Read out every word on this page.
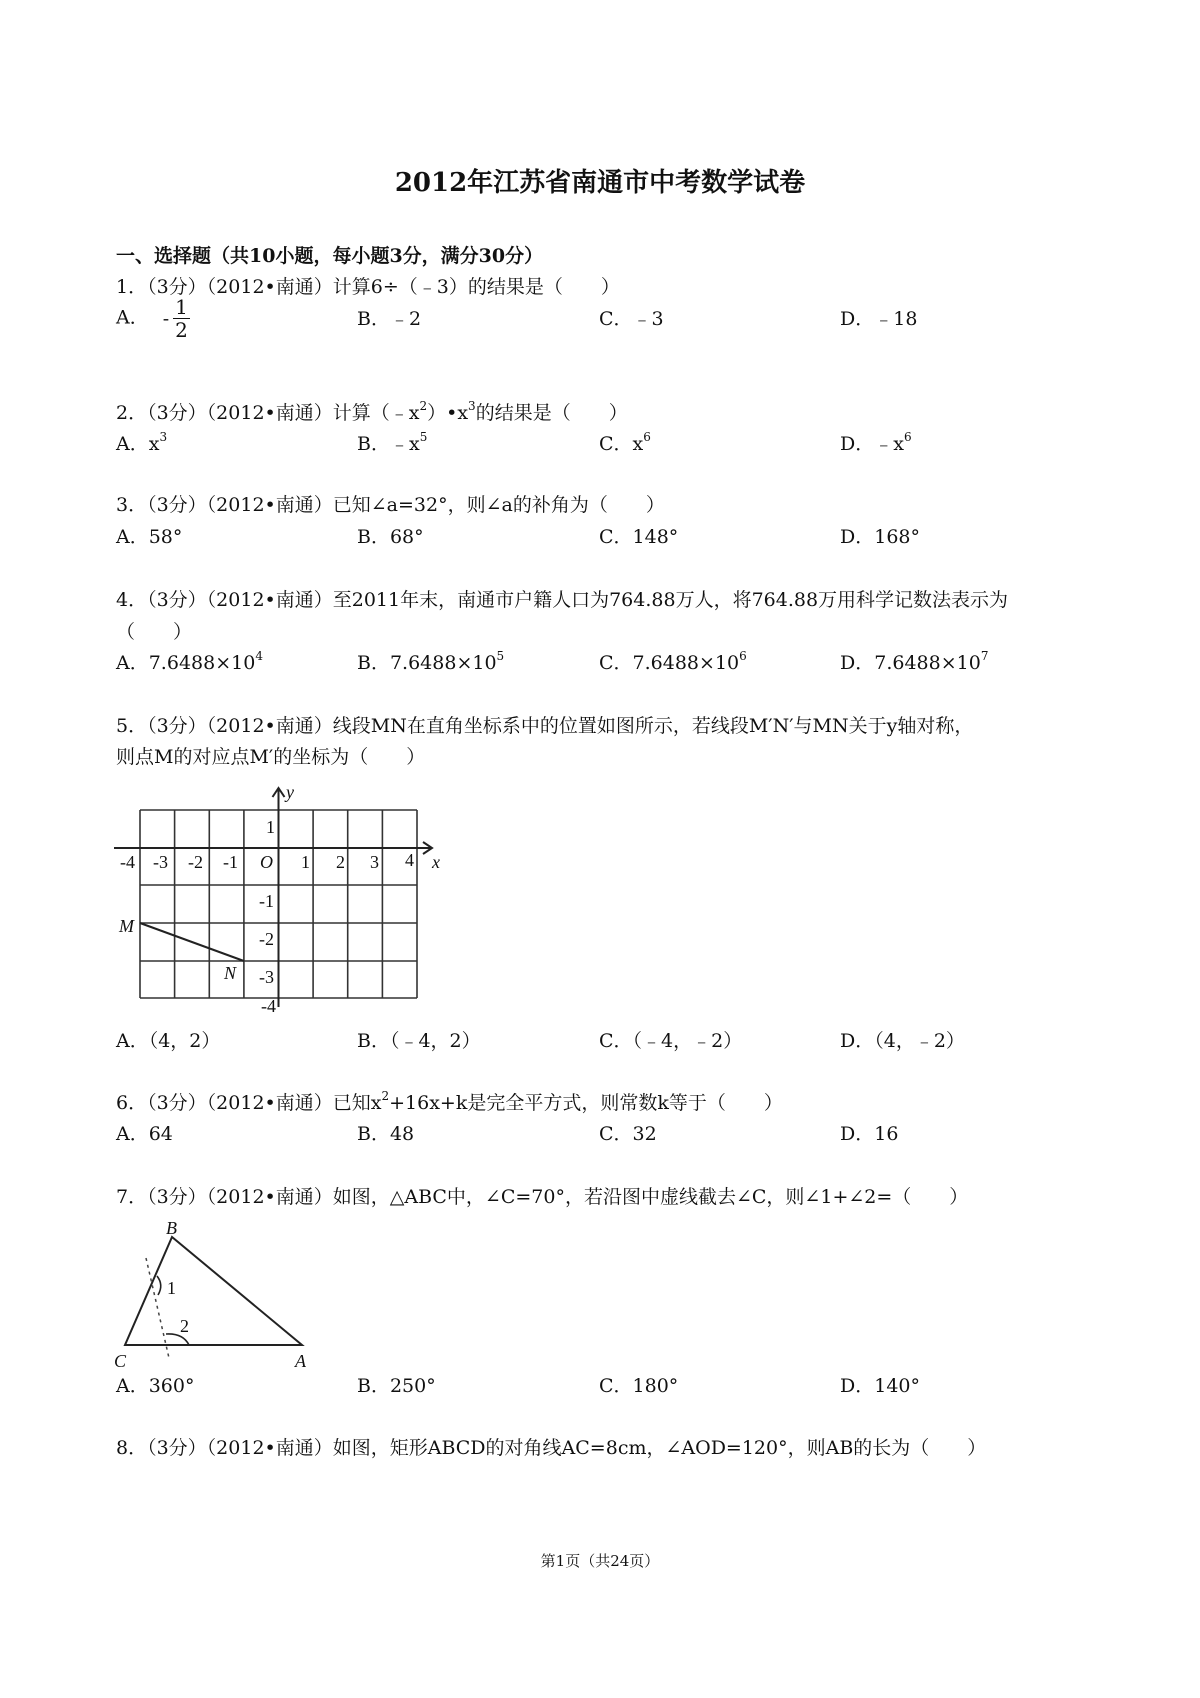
2012年江苏省南通市中考数学试卷
一、选择题（共10小题，每小题3分，满分30分）
1．（3分）（2012•南通）计算6÷（﹣3）的结果是（　　）
A． - $\frac{1}{2}$	B．﹣2	C．﹣3	D．﹣18
2．（3分）（2012•南通）计算$(﹣x^2)•x^3$的结果是（　　）
A．$x^3$	B．$﹣x^5$	C．$x^6$	D．$﹣x^6$
3．（3分）（2012•南通）已知∠a=32°，则∠a的补角为（　　）
A．58°	B．68°	C．148°	D．168°
4．（3分）（2012•南通）至2011年末，南通市户籍人口为764.88万人，将764.88万用科学记数法表示为
（　　）
A．$7.6488\times 10^4$	B．$7.6488\times 10^5$	C．$7.6488\times 10^6$	D．$7.6488\times 10^7$
5．（3分）（2012•南通）线段MN在直角坐标系中的位置如图所示，若线段M′N′与MN关于y轴对称，
则点M的对应点M′的坐标为（　　）
y
x
O
-4 -3 -2 -1	1 2 3 4
1
-1
-2
-3
-4
M
N
B
C	A
1
2
A．（4，2）	B．（﹣4，2）	C．（﹣4，﹣2）	D．（4，﹣2）
6．（3分）（2012•南通）已知$x^2+16x+k$是完全平方式，则常数k等于（　　）
A．64	B．48	C．32	D．16
7．（3分）（2012•南通）如图，△ABC中，∠C=70°，若沿图中虚线截去∠C，则∠1+∠2=（　　）
A．360°	B．250°	C．180°	D．140°
8．（3分）（2012•南通）如图，矩形ABCD的对角线AC=8cm，∠AOD=120°，则AB的长为（　　）
第1页（共24页）
